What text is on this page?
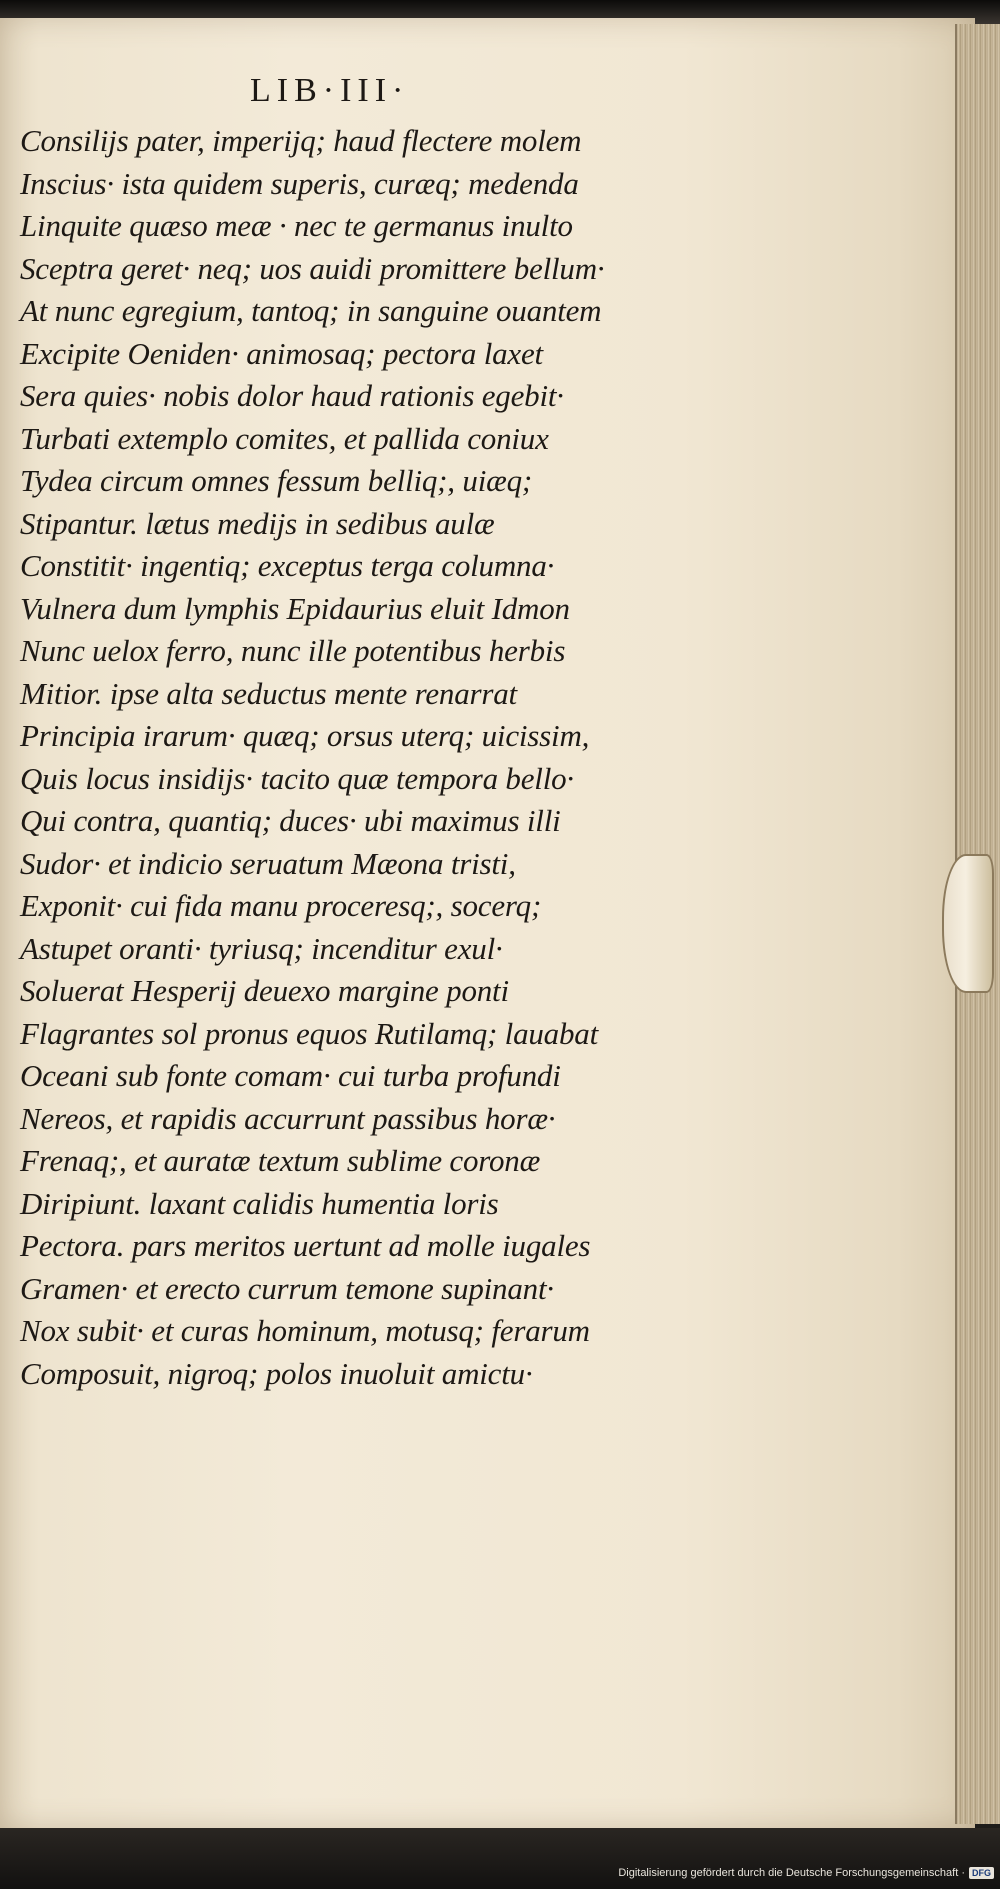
LIB·III·
Consilijs pater, imperijq; haud flectere molem
Inscius· ista quidem superis, curæq; medenda
Linquite quæso meæ · nec te germanus inulto
Sceptra geret· neq; uos auidi promittere bellum·
At nunc egregium, tantoq; in sanguine ouantem
Excipite Oeniden· animosaq; pectora laxet
Sera quies· nobis dolor haud rationis egebit·
Turbati extemplo comites, et pallida coniux
Tydea circum omnes fessum belliq;, uiæq;
Stipantur. lætus medijs in sedibus aulæ
Constitit· ingentiq; exceptus terga columna·
Vulnera dum lymphis Epidaurius eluit Idmon
Nunc uelox ferro, nunc ille potentibus herbis
Mitior. ipse alta seductus mente renarrat
Principia irarum· quæq; orsus uterq; uicissim,
Quis locus insidijs· tacito quæ tempora bello·
Qui contra, quantiq; duces· ubi maximus illi
Sudor· et indicio seruatum Mæona tristi,
Exponit· cui fida manu proceresq;, socerq;
Astupet oranti· tyriusq; incenditur exul·
Soluerat Hesperij deuexo margine ponti
Flagrantes sol pronus equos Rutilamq; lauabat
Oceani sub fonte comam· cui turba profundi
Nereos, et rapidis accurrunt passibus horæ·
Frenaq;, et auratæ textum sublime coronæ
Diripiunt. laxant calidis humentia loris
Pectora. pars meritos uertunt ad molle iugales
Gramen· et erecto currum temone supinant·
Nox subit· et curas hominum, motusq; ferarum
Composuit, nigroq; polos inuoluit amictu·
Digitalisierung gefördert durch die Deutsche Forschungsgemeinschaft · DFG
